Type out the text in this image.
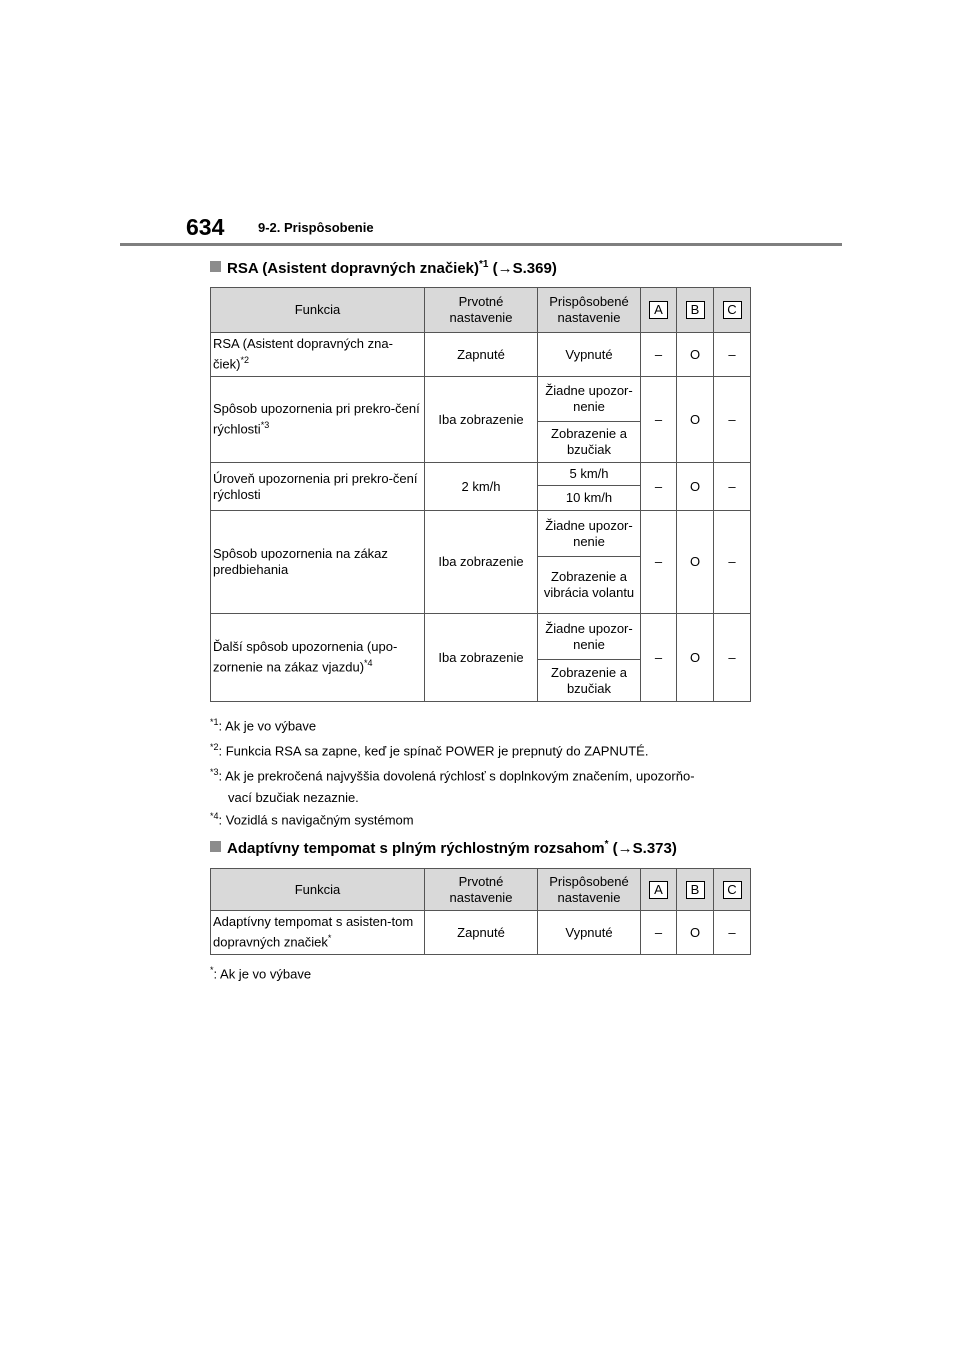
634	9-2. Prispôsobenie
RSA (Asistent dopravných značiek)$^{*1}$ (→S.369)
Funkcia	Prvotné nastavenie	Prispôsobené nastavenie	A	B	C
RSA (Asistent dopravných zna-čiek)$^{*2}$	Zapnuté	Vypnuté	–	O	–
Spôsob upozornenia pri prekro-čení rýchlosti$^{*3}$	Iba zobrazenie	Žiadne upozor-nenie	–	O	–
		Zobrazenie a bzučiak			
Úroveň upozornenia pri prekro-čení rýchlosti	2 km/h	5 km/h	–	O	–
		10 km/h			
Spôsob upozornenia na zákaz predbiehania	Iba zobrazenie	Žiadne upozor-nenie	–	O	–
		Zobrazenie a vibrácia volantu			
Ďalší spôsob upozornenia (upo-zornenie na zákaz vjazdu)$^{*4}$	Iba zobrazenie	Žiadne upozor-nenie	–	O	–
		Zobrazenie a bzučiak			
$^{*1}$: Ak je vo výbave
$^{*2}$: Funkcia RSA sa zapne, keď je spínač POWER je prepnutý do ZAPNUTÉ.
$^{*3}$: Ak je prekročená najvyššia dovolená rýchlosť s doplnkovým značením, upozorňo-
vací bzučiak nezaznie.
$^{*4}$: Vozidlá s navigačným systémom
Adaptívny tempomat s plným rýchlostným rozsahom* (→S.373)
Funkcia	Prvotné nastavenie	Prispôsobené nastavenie	A	B	C
Adaptívny tempomat s asisten-tom dopravných značiek*	Zapnuté	Vypnuté	–	O	–
*: Ak je vo výbave
